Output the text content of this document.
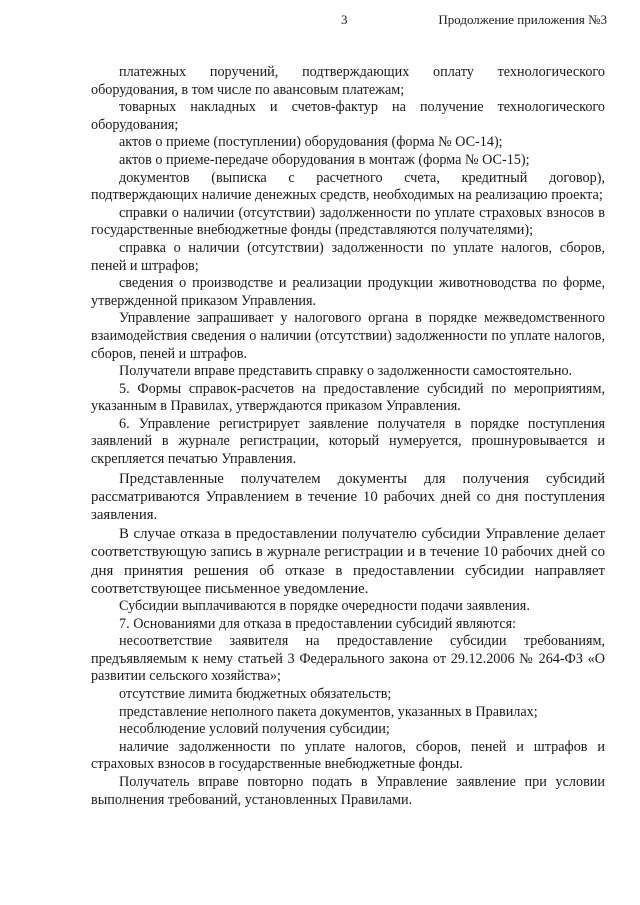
3	Продолжение приложения №3

платежных поручений, подтверждающих оплату технологического оборудования, в том числе по авансовым платежам;

товарных накладных и счетов-фактур на получение технологического оборудования;

актов о приеме (поступлении) оборудования (форма № ОС-14);

актов о приеме-передаче оборудования в монтаж (форма № ОС-15);

документов (выписка с расчетного счета, кредитный договор), подтверждающих наличие денежных средств, необходимых на реализацию проекта;

справки о наличии (отсутствии) задолженности по уплате страховых взносов в государственные внебюджетные фонды (представляются получателями);

справка о наличии (отсутствии) задолженности по уплате налогов, сборов, пеней и штрафов;

сведения о производстве и реализации продукции животноводства по форме, утвержденной приказом Управления.

Управление запрашивает у налогового органа в порядке межведомственного взаимодействия сведения о наличии (отсутствии) задолженности по уплате налогов, сборов, пеней и штрафов.

Получатели вправе представить справку о задолженности самостоятельно.

5. Формы справок-расчетов на предоставление субсидий по мероприятиям, указанным в Правилах, утверждаются приказом Управления.

6. Управление регистрирует заявление получателя в порядке поступления заявлений в журнале регистрации, который нумеруется, прошнуровывается и скрепляется печатью Управления.

Представленные получателем документы для получения субсидий рассматриваются Управлением в течение 10 рабочих дней со дня поступления заявления.

В случае отказа в предоставлении получателю субсидии Управление делает соответствующую запись в журнале регистрации и в течение 10 рабочих дней со дня принятия решения об отказе в предоставлении субсидии направляет соответствующее письменное уведомление.

Субсидии выплачиваются в порядке очередности подачи заявления.

7. Основаниями для отказа в предоставлении субсидий являются:

несоответствие заявителя на предоставление субсидии требованиям, предъявляемым к нему статьей 3 Федерального закона от 29.12.2006 № 264-ФЗ «О развитии сельского хозяйства»;

отсутствие лимита бюджетных обязательств;

представление неполного пакета документов, указанных в Правилах;

несоблюдение условий получения субсидии;

наличие задолженности по уплате налогов, сборов, пеней и штрафов и страховых взносов в государственные внебюджетные фонды.

Получатель вправе повторно подать в Управление заявление при условии выполнения требований, установленных Правилами.
